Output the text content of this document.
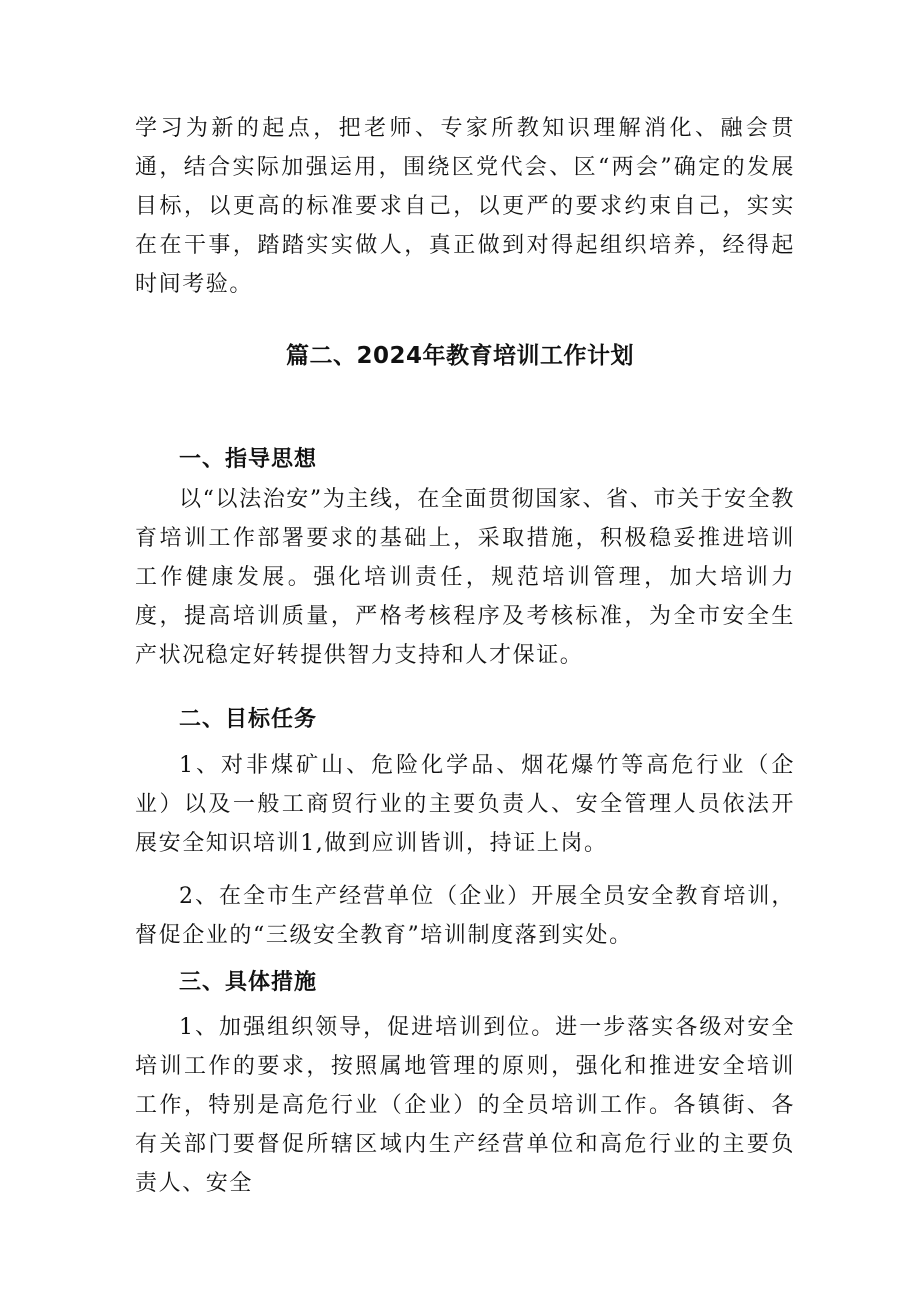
学习为新的起点，把老师、专家所教知识理解消化、融会贯通，结合实际加强运用，围绕区党代会、区“两会”确定的发展目标，以更高的标准要求自己，以更严的要求约束自己，实实在在干事，踏踏实实做人，真正做到对得起组织培养，经得起时间考验。

篇二、2024年教育培训工作计划
一、指导思想

以“以法治安”为主线，在全面贯彻国家、省、市关于安全教育培训工作部署要求的基础上，采取措施，积极稳妥推进培训工作健康发展。强化培训责任，规范培训管理，加大培训力度，提高培训质量，严格考核程序及考核标准，为全市安全生产状况稳定好转提供智力支持和人才保证。

二、目标任务

1、对非煤矿山、危险化学品、烟花爆竹等高危行业（企业）以及一般工商贸行业的主要负责人、安全管理人员依法开展安全知识培训1,做到应训皆训，持证上岗。

2、在全市生产经营单位（企业）开展全员安全教育培训，督促企业的“三级安全教育”培训制度落到实处。

三、具体措施

1、加强组织领导，促进培训到位。进一步落实各级对安全培训工作的要求，按照属地管理的原则，强化和推进安全培训工作，特别是高危行业（企业）的全员培训工作。各镇街、各有关部门要督促所辖区域内生产经营单位和高危行业的主要负责人、安全
